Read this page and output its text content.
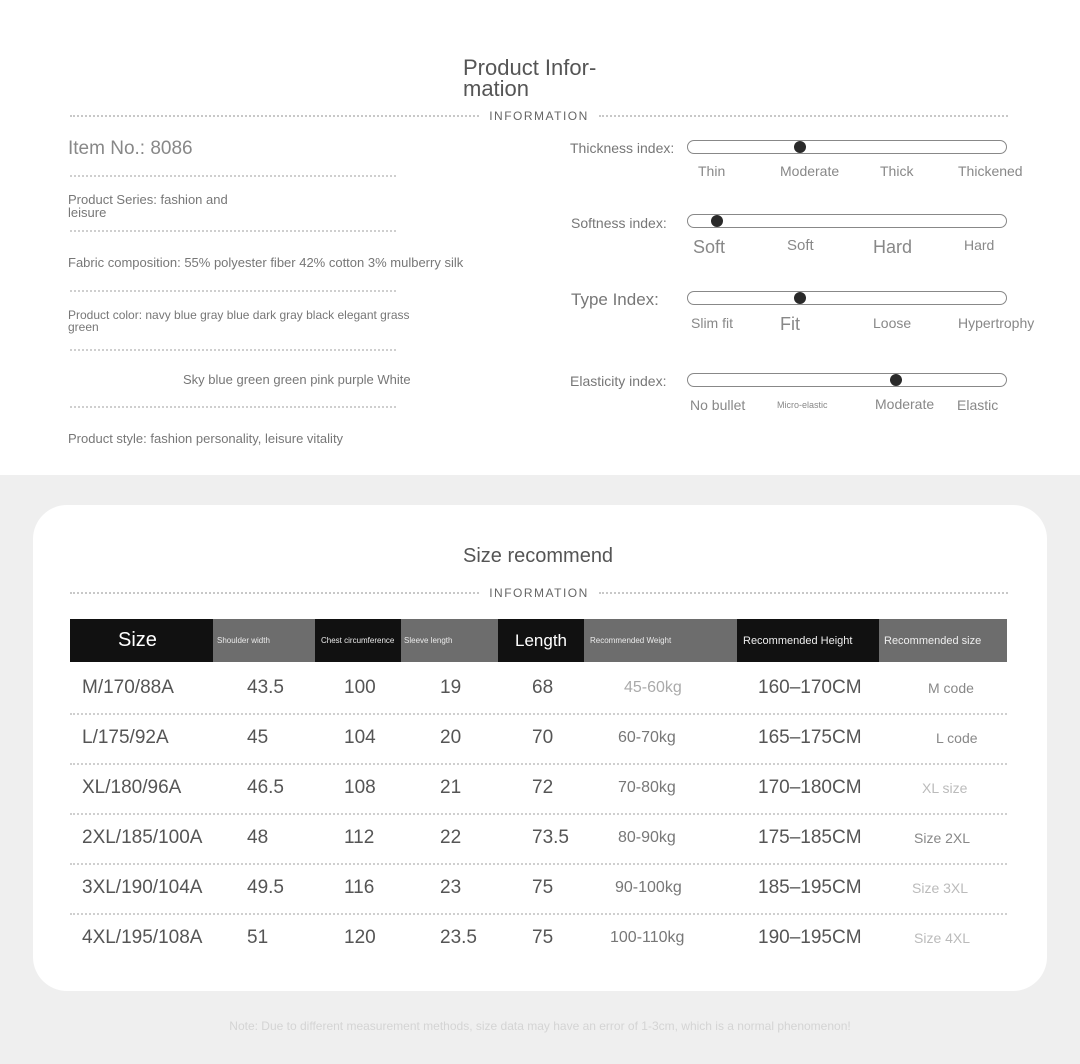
Product Infor-
mation
INFORMATION
Item No.: 8086
Product Series: fashion and
leisure
Fabric composition: 55% polyester fiber 42% cotton 3% mulberry silk
Product color: navy blue gray blue dark gray black elegant grass
green
Sky blue green green pink purple White
Product style: fashion personality, leisure vitality
Thickness index:
Thin	Moderate	Thick	Thickened
Softness index:
Soft	Soft	Hard	Hard
Type Index:
Slim fit	Fit	Loose	Hypertrophy
Elasticity index:
No bullet	Micro-elastic	Moderate Elastic
Size recommend
INFORMATION
Size	Shoulder width	Chest circumference	Sleeve length	Length	Recommended Weight	Recommended Height	Recommended size
M/170/88A	43.5	100	19	68	45-60kg	160–170CM	M code
L/175/92A	45	104	20	70	60-70kg	165–175CM	L code
XL/180/96A	46.5	108	21	72	70-80kg	170–180CM	XL size
2XL/185/100A 48	112	22	73.5	80-90kg	175–185CM	Size 2XL
3XL/190/104A 49.5	116	23	75	90-100kg	185–195CM	Size 3XL
4XL/195/108A 51	120	23.5	75	100-110kg	190–195CM	Size 4XL
Note: Due to different measurement methods, size data may have an error of 1-3cm, which is a normal phenomenon!
